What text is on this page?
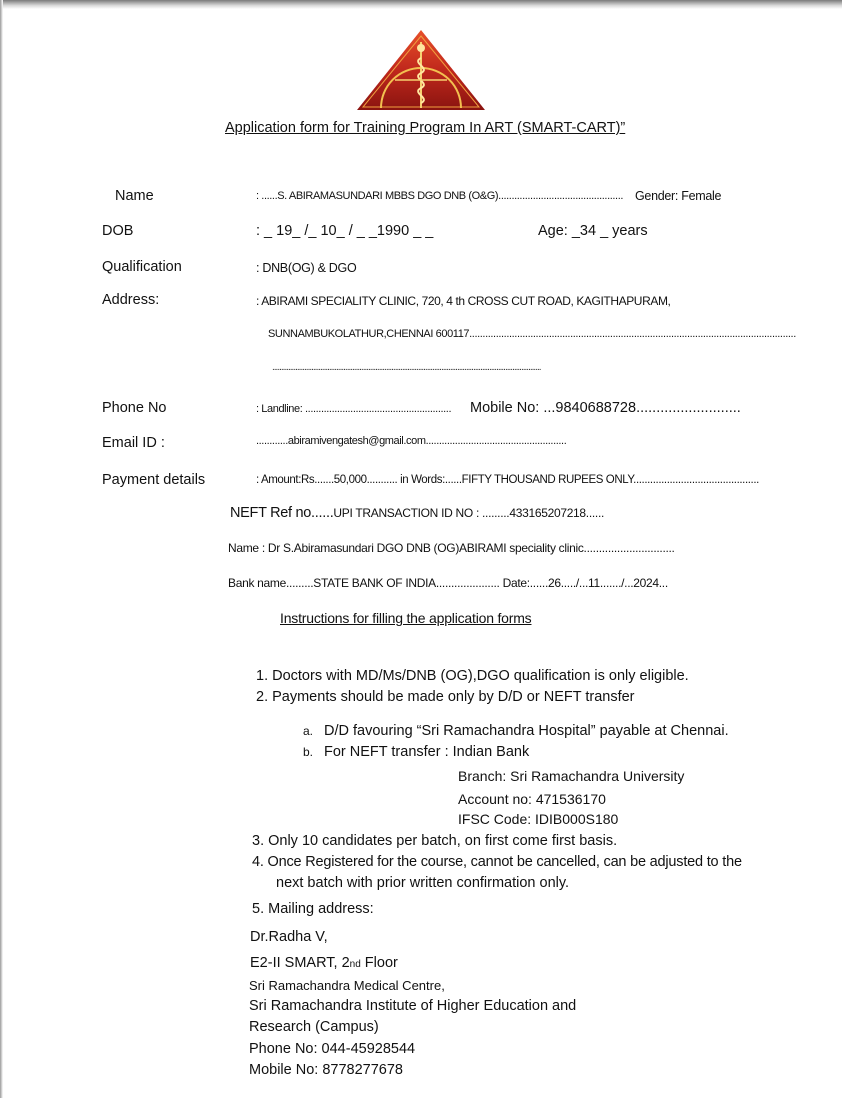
Application form for Training Program In ART (SMART-CART)”
Name	: ......S. ABIRAMASUNDARI MBBS DGO DNB (O&G)............................................... Gender: Female
DOB	: _ 19_ /_ 10_ / _ _1990 _ _	Age: _34 _ years
Qualification	: DNB(OG) & DGO
Address:	: ABIRAMI SPECIALITY CLINIC, 720, 4 th CROSS CUT ROAD, KAGITHAPURAM,
SUNNAMBUKOLATHUR,CHENNAI 600117...........................................................................................................................
.......................................................................................................................................................
Phone No	: Landline: ....................................................... Mobile No: ...9840688728..........................
Email ID :	............abiramivengatesh@gmail.com.....................................................
Payment details	: Amount:Rs.......50,000........... in Words:......FIFTY THOUSAND RUPEES ONLY.............................................
NEFT Ref no......UPI TRANSACTION ID NO : .........433165207218......
Name : Dr S.Abiramasundari DGO DNB (OG)ABIRAMI speciality clinic..............................
Bank name.........STATE BANK OF INDIA..................... Date:......26...../...11......./...2024...
Instructions for filling the application forms
1. Doctors with MD/Ms/DNB (OG),DGO qualification is only eligible.
2. Payments should be made only by D/D or NEFT transfer
a. D/D favouring “Sri Ramachandra Hospital” payable at Chennai.
b. For NEFT transfer : Indian Bank
Branch: Sri Ramachandra University
Account no: 471536170
IFSC Code: IDIB000S180
3. Only 10 candidates per batch, on first come first basis.
4. Once Registered for the course, cannot be cancelled, can be adjusted to the
next batch with prior written confirmation only.
5. Mailing address:
Dr.Radha V,
E2-II SMART, 2nd Floor
Sri Ramachandra Medical Centre,
Sri Ramachandra Institute of Higher Education and
Research (Campus)
Phone No: 044-45928544
Mobile No: 8778277678
